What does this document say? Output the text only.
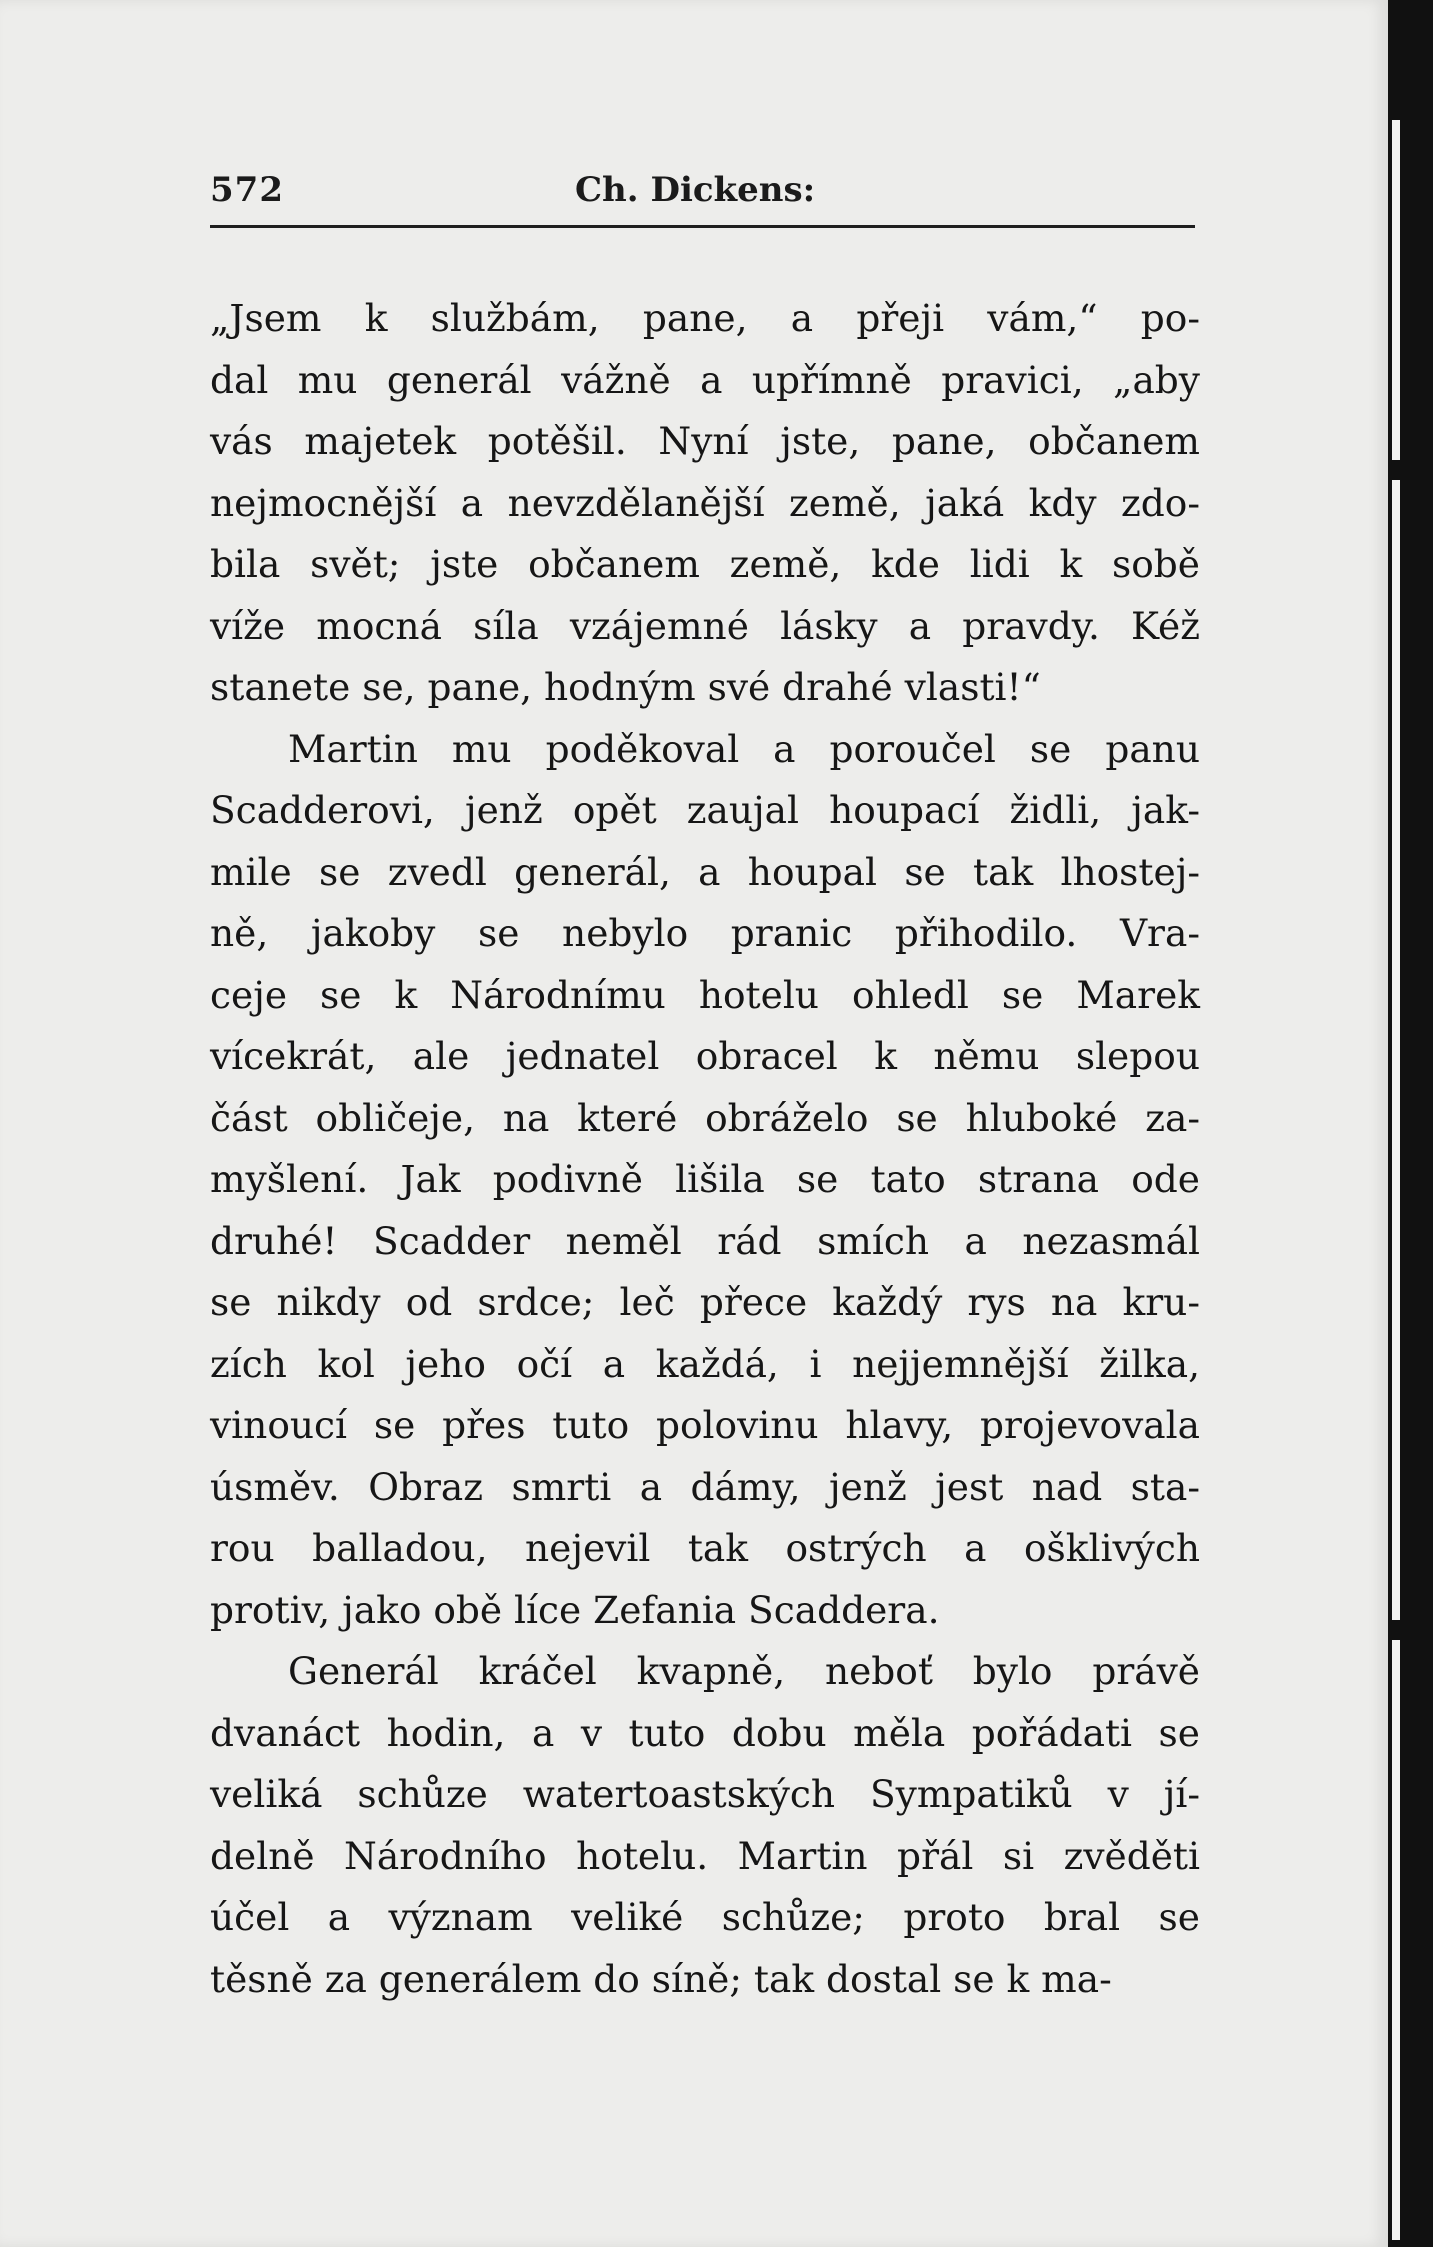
572	Ch. Dickens:
„Jsem k službám, pane, a přeji vám,“ po-
dal mu generál vážně a upřímně pravici, „aby
vás majetek potěšil. Nyní jste, pane, občanem
nejmocnější a nevzdělanější země, jaká kdy zdo-
bila svět; jste občanem země, kde lidi k sobě
víže mocná síla vzájemné lásky a pravdy. Kéž
stanete se, pane, hodným své drahé vlasti!“
Martin mu poděkoval a poroučel se panu
Scadderovi, jenž opět zaujal houpací židli, jak-
mile se zvedl generál, a houpal se tak lhostej-
ně, jakoby se nebylo pranic přihodilo. Vra-
ceje se k Národnímu hotelu ohledl se Marek
vícekrát, ale jednatel obracel k němu slepou
část obličeje, na které obráželo se hluboké za-
myšlení. Jak podivně lišila se tato strana ode
druhé! Scadder neměl rád smích a nezasmál
se nikdy od srdce; leč přece každý rys na kru-
zích kol jeho očí a každá, i nejjemnější žilka,
vinoucí se přes tuto polovinu hlavy, projevovala
úsměv. Obraz smrti a dámy, jenž jest nad sta-
rou balladou, nejevil tak ostrých a ošklivých
protiv, jako obě líce Zefania Scaddera.
Generál kráčel kvapně, neboť bylo právě
dvanáct hodin, a v tuto dobu měla pořádati se
veliká schůze watertoastských Sympatiků v jí-
delně Národního hotelu. Martin přál si zvěděti
účel a význam veliké schůze; proto bral se
těsně za generálem do síně; tak dostal se k ma-
